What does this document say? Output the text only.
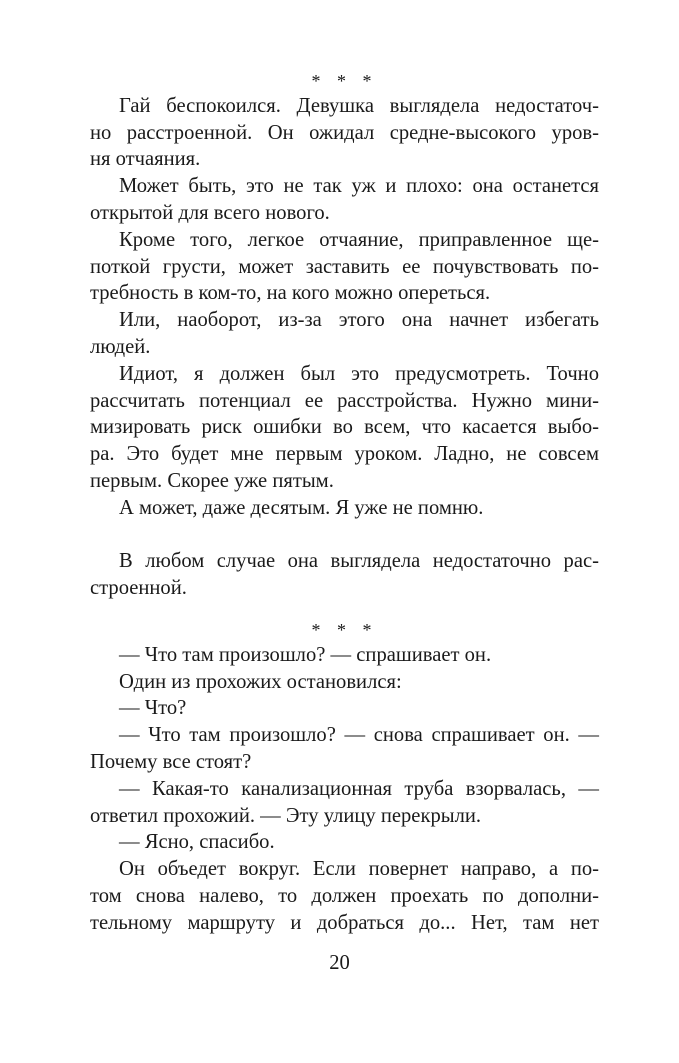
* * *
Гай беспокоился. Девушка выглядела недостаточ-
но расстроенной. Он ожидал средне-высокого уров-
ня отчаяния.
Может быть, это не так уж и плохо: она останется
открытой для всего нового.
Кроме того, легкое отчаяние, приправленное ще-
поткой грусти, может заставить ее почувствовать по-
требность в ком-то, на кого можно опереться.
Или, наоборот, из-за этого она начнет избегать
людей.
Идиот, я должен был это предусмотреть. Точно
рассчитать потенциал ее расстройства. Нужно мини-
мизировать риск ошибки во всем, что касается выбо-
ра. Это будет мне первым уроком. Ладно, не совсем
первым. Скорее уже пятым.
А может, даже десятым. Я уже не помню.
В любом случае она выглядела недостаточно рас-
строенной.
* * *
— Что там произошло? — спрашивает он.
Один из прохожих остановился:
— Что?
— Что там произошло? — снова спрашивает он. —
Почему все стоят?
— Какая-то канализационная труба взорвалась, —
ответил прохожий. — Эту улицу перекрыли.
— Ясно, спасибо.
Он объедет вокруг. Если повернет направо, а по-
том снова налево, то должен проехать по дополни-
тельному маршруту и добраться до... Нет, там нет
20
